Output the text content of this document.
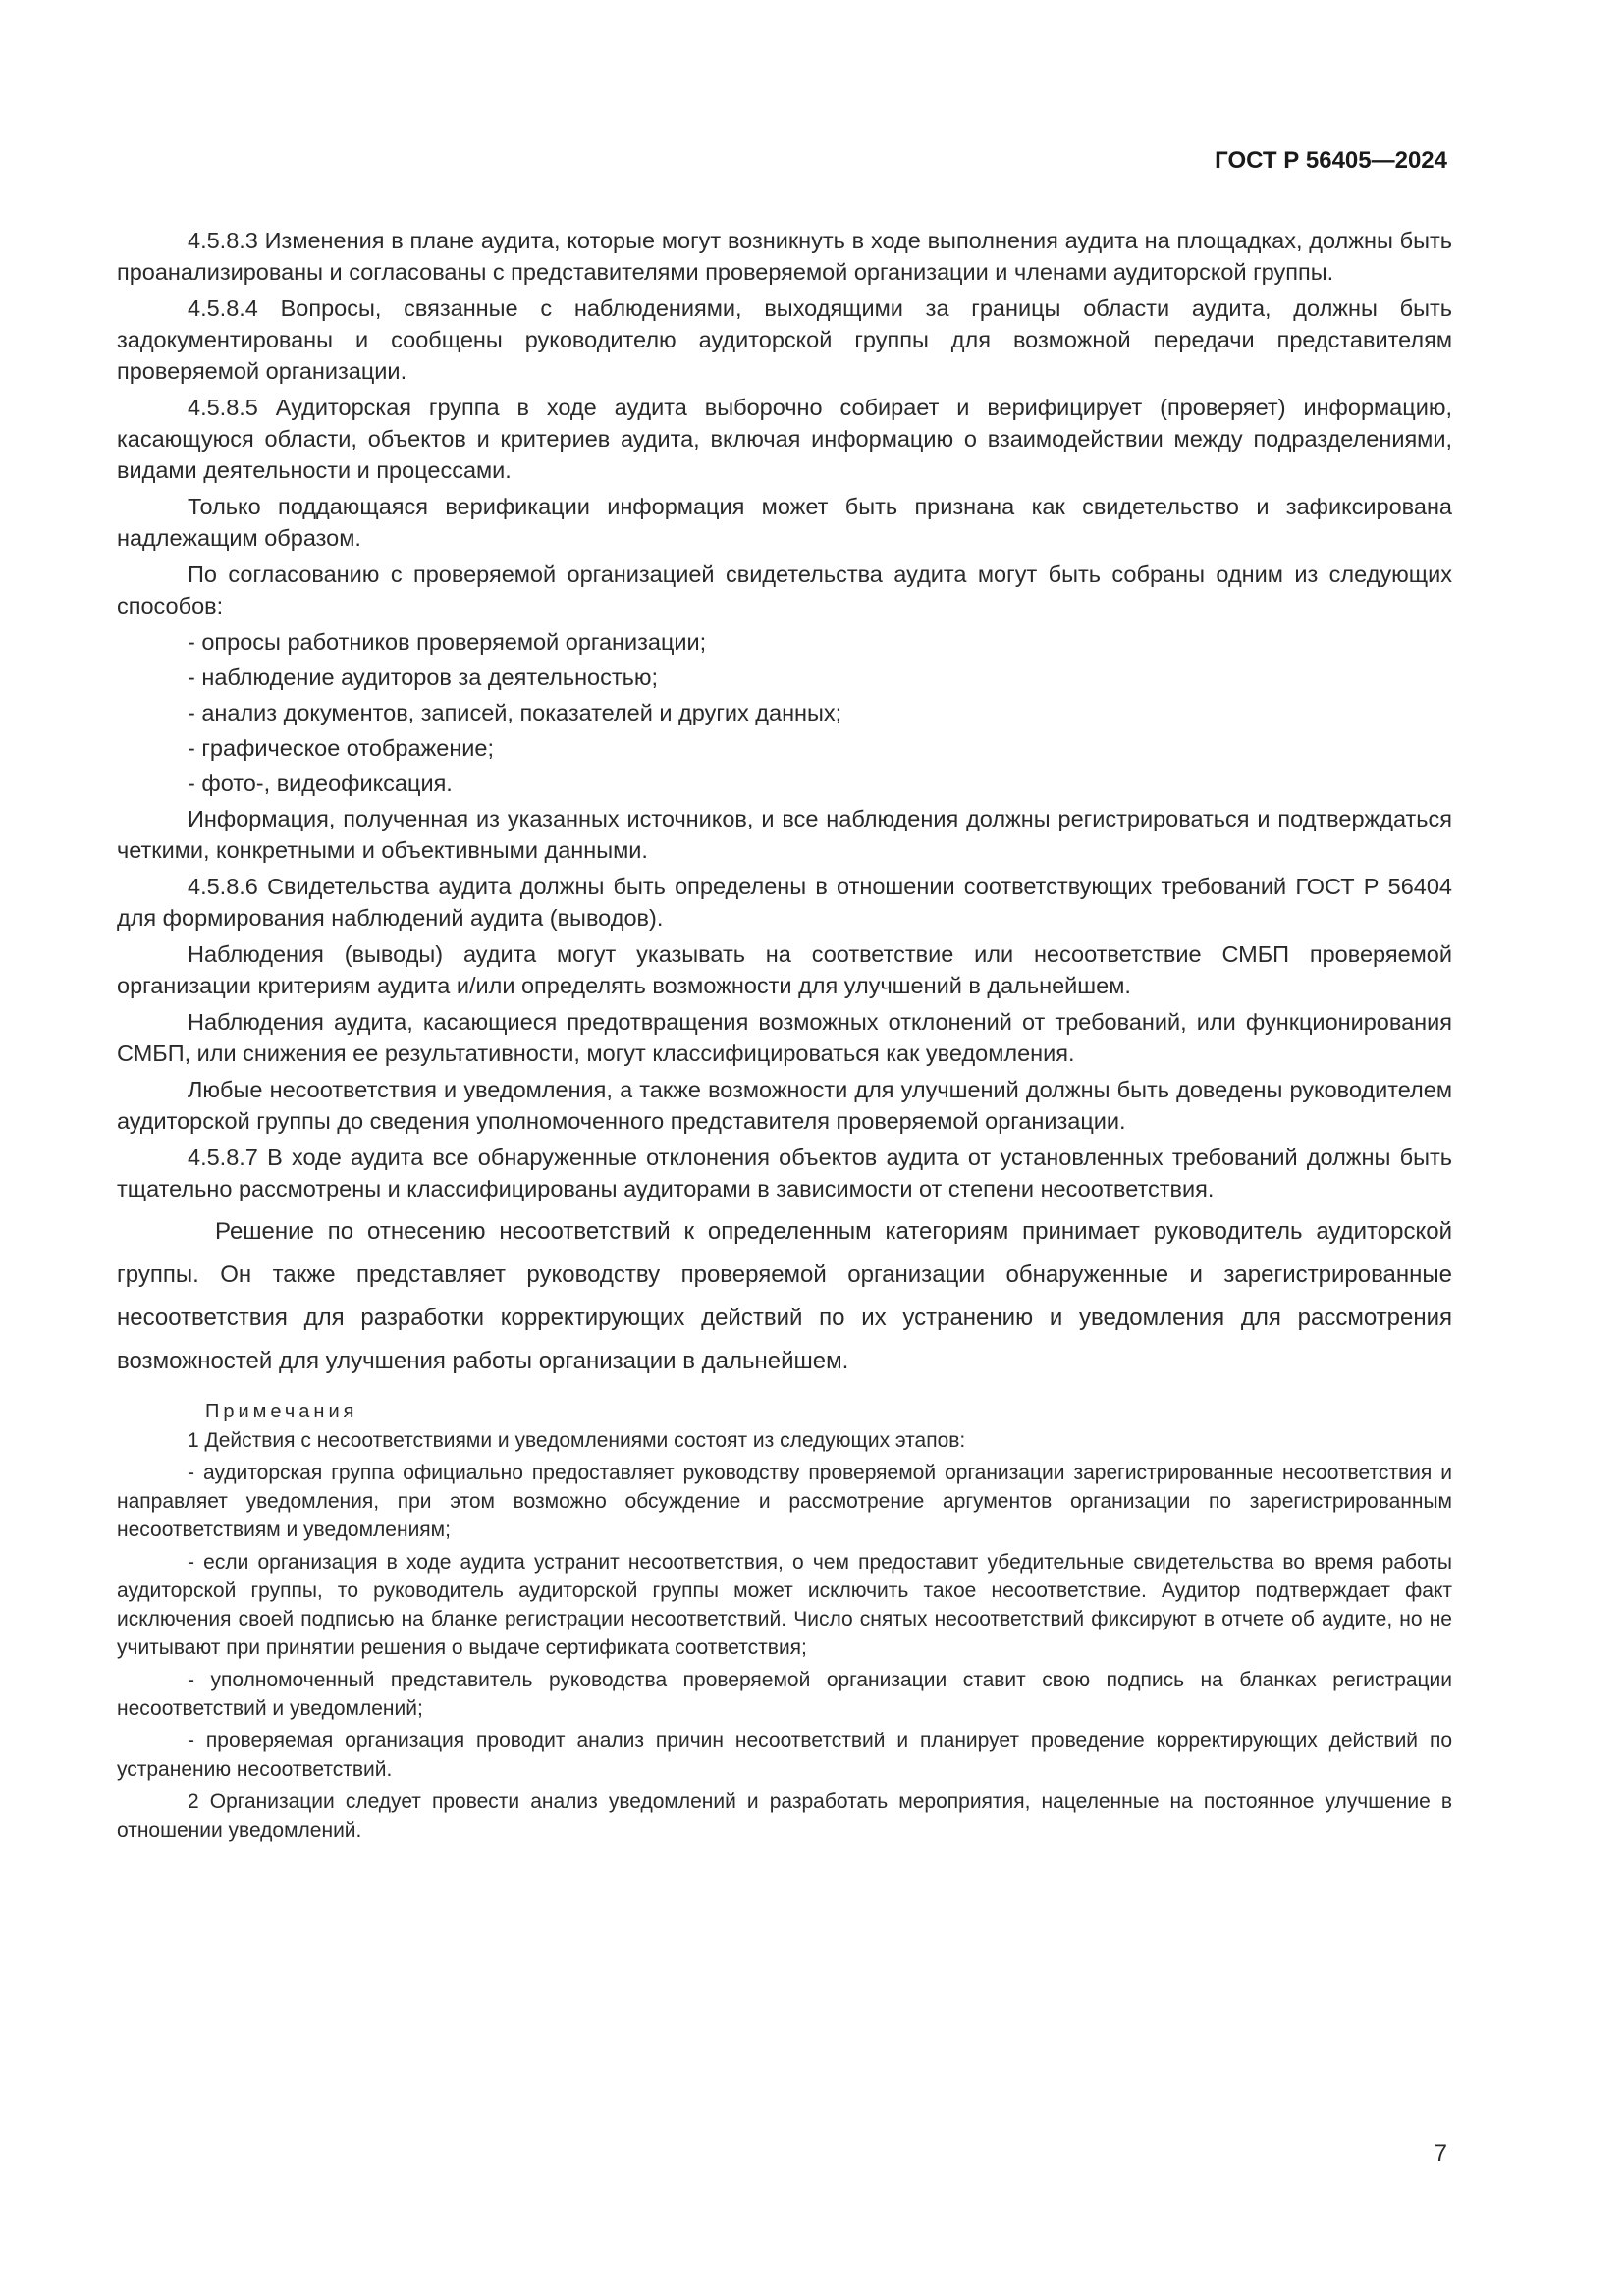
ГОСТ Р 56405—2024

4.5.8.3 Изменения в плане аудита, которые могут возникнуть в ходе выполнения аудита на площадках, должны быть проанализированы и согласованы с представителями проверяемой организации и членами аудиторской группы.

4.5.8.4 Вопросы, связанные с наблюдениями, выходящими за границы области аудита, должны быть задокументированы и сообщены руководителю аудиторской группы для возможной передачи представителям проверяемой организации.

4.5.8.5 Аудиторская группа в ходе аудита выборочно собирает и верифицирует (проверяет) информацию, касающуюся области, объектов и критериев аудита, включая информацию о взаимодействии между подразделениями, видами деятельности и процессами.

Только поддающаяся верификации информация может быть признана как свидетельство и зафиксирована надлежащим образом.

По согласованию с проверяемой организацией свидетельства аудита могут быть собраны одним из следующих способов:

- опросы работников проверяемой организации;

- наблюдение аудиторов за деятельностью;

- анализ документов, записей, показателей и других данных;

- графическое отображение;

- фото-, видеофиксация.

Информация, полученная из указанных источников, и все наблюдения должны регистрироваться и подтверждаться четкими, конкретными и объективными данными.

4.5.8.6 Свидетельства аудита должны быть определены в отношении соответствующих требований ГОСТ Р 56404 для формирования наблюдений аудита (выводов).

Наблюдения (выводы) аудита могут указывать на соответствие или несоответствие СМБП проверяемой организации критериям аудита и/или определять возможности для улучшений в дальнейшем.

Наблюдения аудита, касающиеся предотвращения возможных отклонений от требований, или функционирования СМБП, или снижения ее результативности, могут классифицироваться как уведомления.

Любые несоответствия и уведомления, а также возможности для улучшений должны быть доведены руководителем аудиторской группы до сведения уполномоченного представителя проверяемой организации.

4.5.8.7 В ходе аудита все обнаруженные отклонения объектов аудита от установленных требований должны быть тщательно рассмотрены и классифицированы аудиторами в зависимости от степени несоответствия.

Решение по отнесению несоответствий к определенным категориям принимает руководитель аудиторской группы. Он также представляет руководству проверяемой организации обнаруженные и зарегистрированные несоответствия для разработки корректирующих действий по их устранению и уведомления для рассмотрения возможностей для улучшения работы организации в дальнейшем.

Примечания

1 Действия с несоответствиями и уведомлениями состоят из следующих этапов:

- аудиторская группа официально предоставляет руководству проверяемой организации зарегистрированные несоответствия и направляет уведомления, при этом возможно обсуждение и рассмотрение аргументов организации по зарегистрированным несоответствиям и уведомлениям;

- если организация в ходе аудита устранит несоответствия, о чем предоставит убедительные свидетельства во время работы аудиторской группы, то руководитель аудиторской группы может исключить такое несоответствие. Аудитор подтверждает факт исключения своей подписью на бланке регистрации несоответствий. Число снятых несоответствий фиксируют в отчете об аудите, но не учитывают при принятии решения о выдаче сертификата соответствия;

- уполномоченный представитель руководства проверяемой организации ставит свою подпись на бланках регистрации несоответствий и уведомлений;

- проверяемая организация проводит анализ причин несоответствий и планирует проведение корректирующих действий по устранению несоответствий.

2 Организации следует провести анализ уведомлений и разработать мероприятия, нацеленные на постоянное улучшение в отношении уведомлений.

7
